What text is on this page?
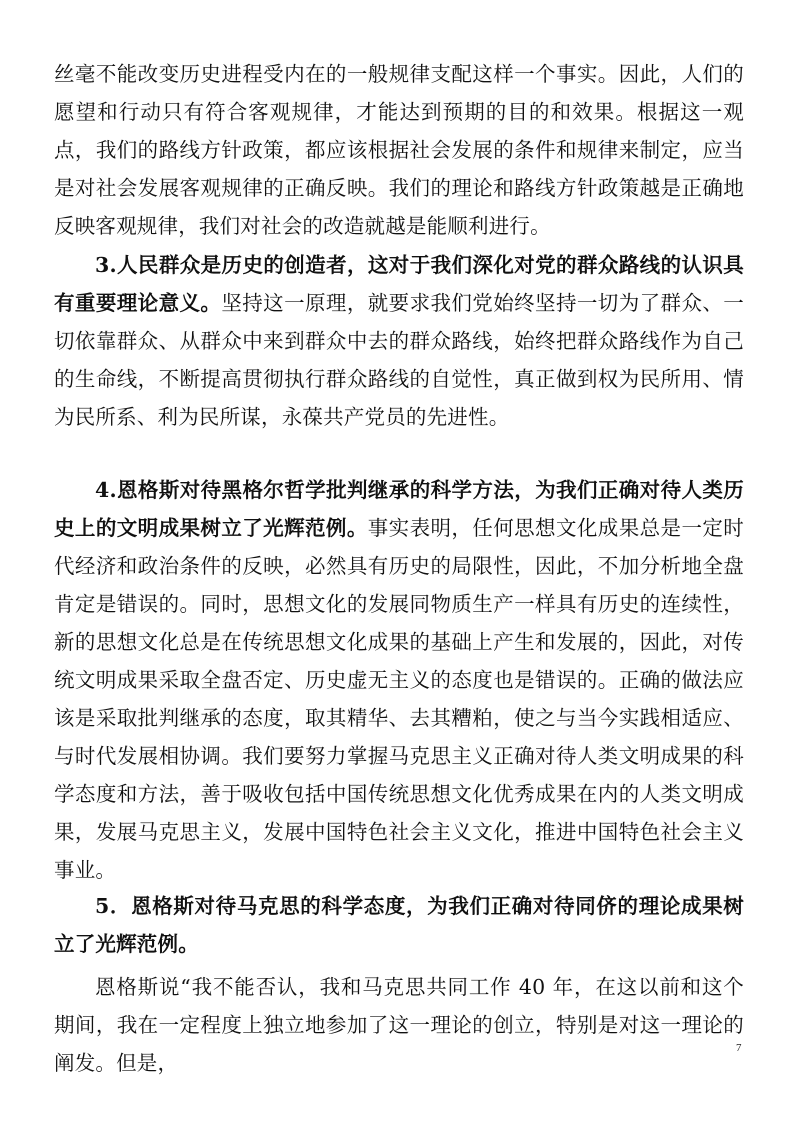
丝毫不能改变历史进程受内在的一般规律支配这样一个事实。因此，人们的愿望和行动只有符合客观规律，才能达到预期的目的和效果。根据这一观点，我们的路线方针政策，都应该根据社会发展的条件和规律来制定，应当是对社会发展客观规律的正确反映。我们的理论和路线方针政策越是正确地反映客观规律，我们对社会的改造就越是能顺利进行。

3.人民群众是历史的创造者，这对于我们深化对党的群众路线的认识具有重要理论意义。坚持这一原理，就要求我们党始终坚持一切为了群众、一切依靠群众、从群众中来到群众中去的群众路线，始终把群众路线作为自己的生命线，不断提高贯彻执行群众路线的自觉性，真正做到权为民所用、情为民所系、利为民所谋，永葆共产党员的先进性。

4.恩格斯对待黑格尔哲学批判继承的科学方法，为我们正确对待人类历史上的文明成果树立了光辉范例。事实表明，任何思想文化成果总是一定时代经济和政治条件的反映，必然具有历史的局限性，因此，不加分析地全盘肯定是错误的。同时，思想文化的发展同物质生产一样具有历史的连续性，新的思想文化总是在传统思想文化成果的基础上产生和发展的，因此，对传统文明成果采取全盘否定、历史虚无主义的态度也是错误的。正确的做法应该是采取批判继承的态度，取其精华、去其糟粕，使之与当今实践相适应、与时代发展相协调。我们要努力掌握马克思主义正确对待人类文明成果的科学态度和方法，善于吸收包括中国传统思想文化优秀成果在内的人类文明成果，发展马克思主义，发展中国特色社会主义文化，推进中国特色社会主义事业。

5．恩格斯对待马克思的科学态度，为我们正确对待同侪的理论成果树立了光辉范例。

恩格斯说“我不能否认，我和马克思共同工作 40 年，在这以前和这个期间，我在一定程度上独立地参加了这一理论的创立，特别是对这一理论的阐发。但是，

7
